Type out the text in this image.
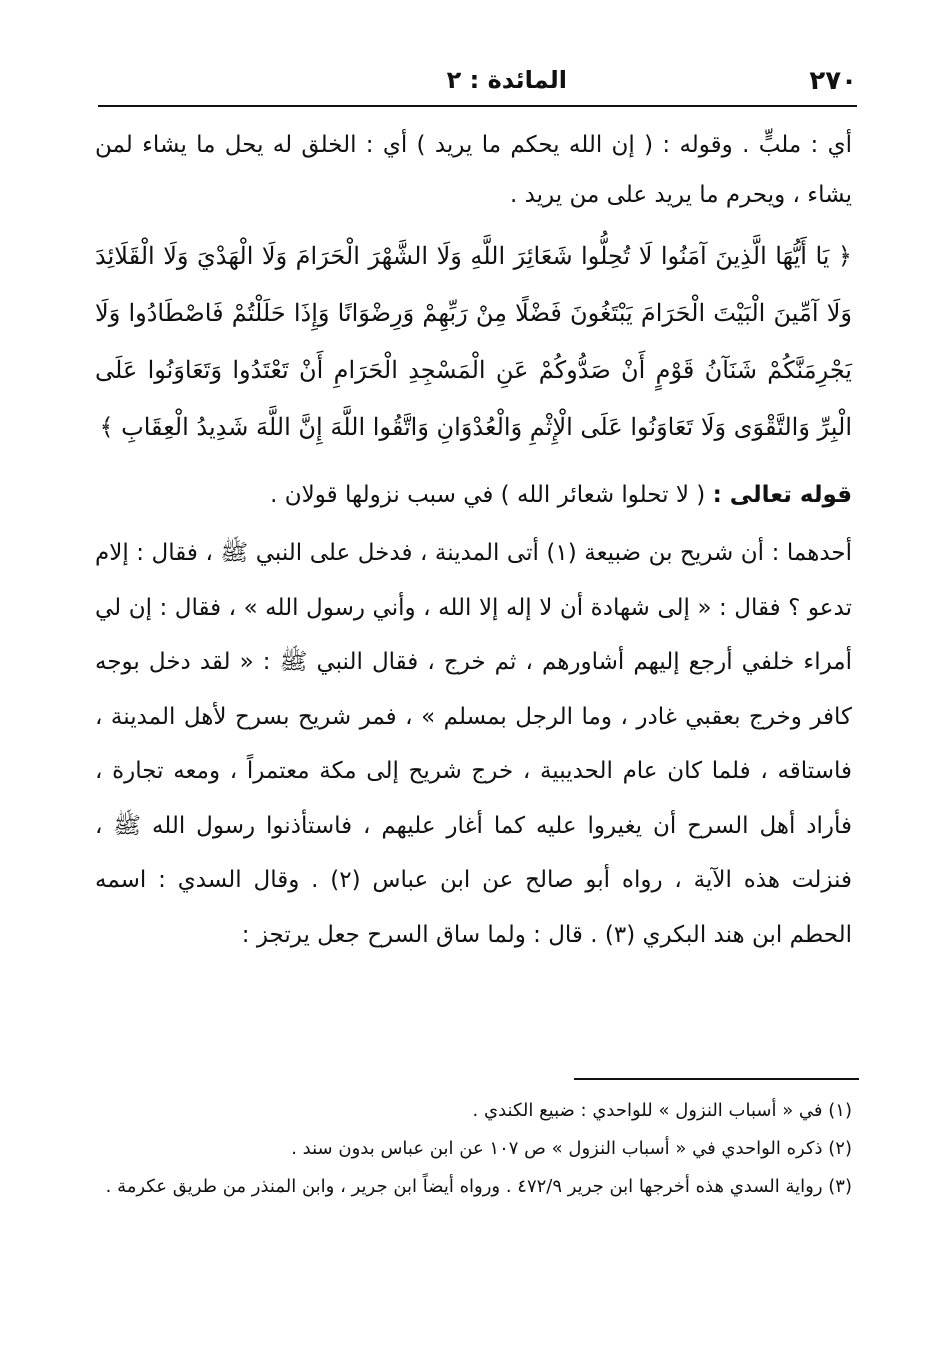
٢٧٠
المائدة : ٢

أي : ملبٍّ . وقوله : ( إن الله يحكم ما يريد ) أي : الخلق له يحل ما يشاء لمن يشاء ، ويحرم ما يريد على من يريد .

﴿ يَا أَيُّهَا الَّذِينَ آمَنُوا لَا تُحِلُّوا شَعَائِرَ اللَّهِ وَلَا الشَّهْرَ الْحَرَامَ وَلَا الْهَدْيَ وَلَا الْقَلَائِدَ وَلَا آمِّينَ الْبَيْتَ الْحَرَامَ يَبْتَغُونَ فَضْلًا مِنْ رَبِّهِمْ وَرِضْوَانًا وَإِذَا حَلَلْتُمْ فَاصْطَادُوا وَلَا يَجْرِمَنَّكُمْ شَنَآنُ قَوْمٍ أَنْ صَدُّوكُمْ عَنِ الْمَسْجِدِ الْحَرَامِ أَنْ تَعْتَدُوا وَتَعَاوَنُوا عَلَى الْبِرِّ وَالتَّقْوَى وَلَا تَعَاوَنُوا عَلَى الْإِثْمِ وَالْعُدْوَانِ وَاتَّقُوا اللَّهَ إِنَّ اللَّهَ شَدِيدُ الْعِقَابِ ﴾

قوله تعالى : ( لا تحلوا شعائر الله ) في سبب نزولها قولان .

أحدهما : أن شريح بن ضبيعة (١) أتى المدينة ، فدخل على النبي ﷺ ، فقال : إلام تدعو ؟ فقال : « إلى شهادة أن لا إله إلا الله ، وأني رسول الله » ، فقال : إن لي أمراء خلفي أرجع إليهم أشاورهم ، ثم خرج ، فقال النبي ﷺ : « لقد دخل بوجه كافر وخرج بعقبي غادر ، وما الرجل بمسلم » ، فمر شريح بسرح لأهل المدينة ، فاستاقه ، فلما كان عام الحديبية ، خرج شريح إلى مكة معتمراً ، ومعه تجارة ، فأراد أهل السرح أن يغيروا عليه كما أغار عليهم ، فاستأذنوا رسول الله ﷺ ، فنزلت هذه الآية ، رواه أبو صالح عن ابن عباس (٢) . وقال السدي : اسمه الحطم ابن هند البكري (٣) . قال : ولما ساق السرح جعل يرتجز :

(١) في « أسباب النزول » للواحدي : ضبيع الكندي .

(٢) ذكره الواحدي في « أسباب النزول » ص ١٠٧ عن ابن عباس بدون سند .

(٣) رواية السدي هذه أخرجها ابن جرير ٤٧٢/٩ . ورواه أيضاً ابن جرير ، وابن المنذر من طريق عكرمة .
